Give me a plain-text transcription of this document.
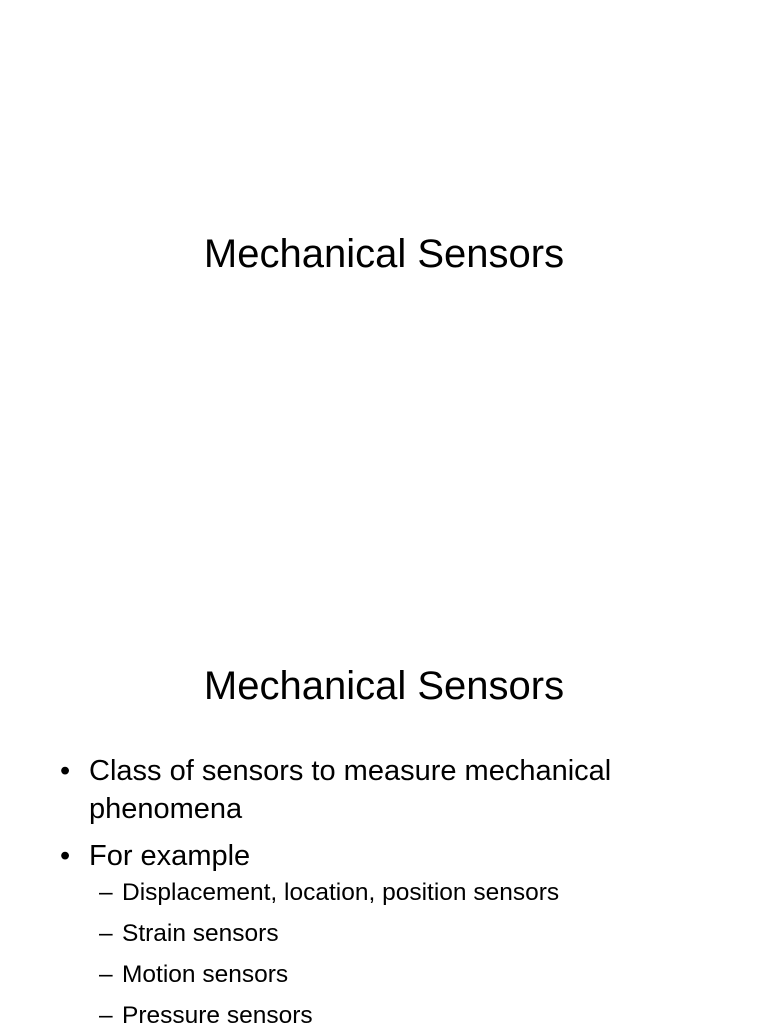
Mechanical Sensors
Mechanical Sensors
• Class of sensors to measure mechanical phenomena
• For example
– Displacement, location, position sensors
– Strain sensors
– Motion sensors
– Pressure sensors
